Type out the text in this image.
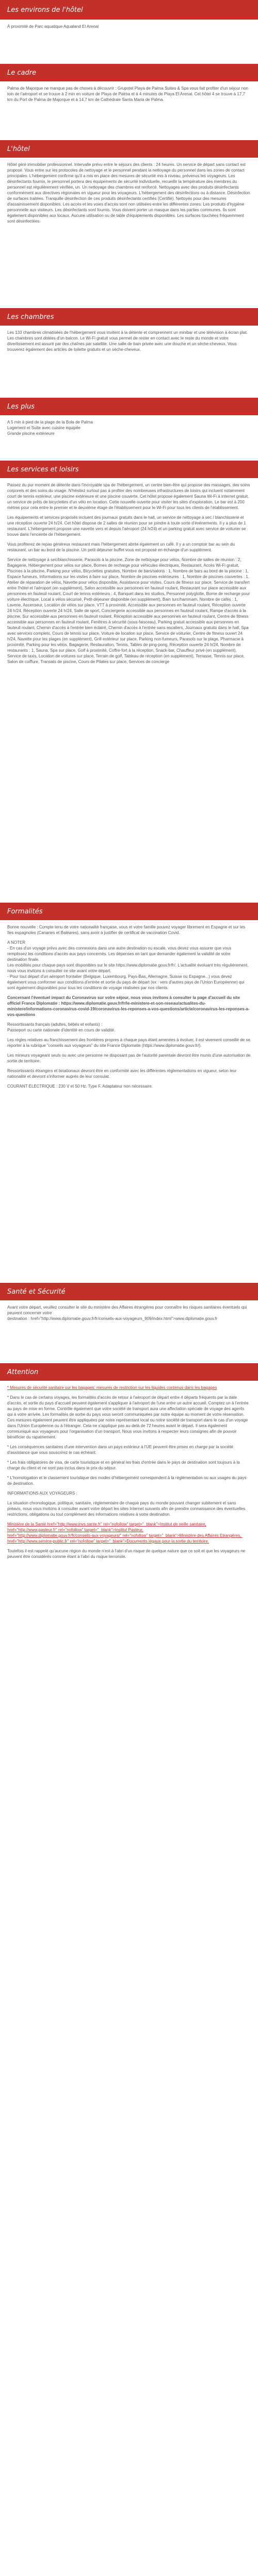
Les environs de l'hôtel

À proximité de Parc aquatique Aqualand El Arenal

Le cadre

Palma de Majorque ne manque pas de choses à découvrir : Grupotel Playa de Palma Suites & Spa vous fait profiter d'un séjour non loin de l'aéroport et se trouve à 2 min en voiture de Playa de Palma et à 4 minutes de Playa El Arenal. Cet hôtel 4 se trouve à 17,7 km du Port de Palma de Majorque et à 14,7 km de Cathédrale Santa Maria de Palma.

L'hôtel

Hôtel géré immobilier professionnel. Intervalle prévu entre le séjours des clients : 24 heures. Un service de départ sans contact est proposé. Vous entre sur les protocoles de nettoyage et le personnel pendant la nettoyage du personnel dans les zones de contact principales. L'hébergement confirme qu'il a mis en place des mesures de sécurité mis à niveau, prévenus les voyageurs. Les désinfectants fournis, le personnel portera des équipements de sécurité individuelle, recueillir la température des membres du personnel est régulièrement vérifiée, un. Un nettoyage des chambres est renforcé. Nettoyages avec des produits désinfectants conformément aux directives régionales en vigueur pour les voyageurs. L'hébergement des désinfections ou à distance. Désinfection de surfaces traitées. Tranquille désinfection de ces produits désinfectants certifiés (Certifié). Nettoyés pour des mesures d'assainissement disponibles. Les accès et les voies d'accès sont non utilisées entre les différentes zones. Les produits d'hygiène personnelle aux visiteurs. Les désinfectants sont fournis. Vous doivent porter un masque dans les parties communes. Ils sont également disponibles aux locaux. Aucune utilisation ou de table d'équipements disponibles. Les surfaces touchées fréquemment sont désinfectées.

Les chambres

Les 133 chambres climatisées de l'hébergement vous invitent à la détente et comprennent un minibar et une télévision à écran plat. Les chambres sont dotées d'un balcon. Le Wi-Fi gratuit vous permet de rester en contact avec le reste du monde et votre divertissement est assuré par des chaînes par satellite. Une salle de bain privée avec une douche et un sèche-cheveux. Vous trouverez également des articles de toilette gratuits et un sèche-cheveux.

Les plus
A 5 min à pied de la plage de la Bola de Palma
Logement et Suite avec cuisine équipée
Grande piscine extérieure
Les services et loisirs

Passez du pur moment de détente dans l'incroyable spa de l'hébergement, un centre bien-être qui propose des massages, des soins corporels et des soins du visage. N'hésitez surtout pas à profiter des nombreuses infrastructures de loisirs qui incluent notamment court de tennis extérieur, une piscine extérieure et une piscine couverte. Cet hôtel propose également Sauna Wi-Fi à internet gratuit, un service de prêts de bicyclettes d'un vélo en location. Cette nouvelle ouverte pour visiter les sites d'exploration. Le bar est à 200 mètres pour cela entre le premier et le deuxième étage de l'établissement pour le Wi-Fi pour tous les clients de l'établissement.

Les équipements et services proposés incluent des journaux gratuits dans le hall, un service de nettoyage à sec / blanchisserie et une réception ouverte 24 h/24. Cet hôtel dispose de 2 salles de réunion pour se joindre à toute sorte d'événements. Il y a plus de 1 restaurant. L'hébergement propose une navette vers et depuis l'aéroport (24 h/24) et un parking gratuit avec service de voiturier se trouve dans l'enceinte de l'hébergement.

Vous profiterez de repas généreux restaurant mais l'hébergement abrite également un café. Il y a un comptoir bar au sein du restaurant, un bar au bord de la piscine. Un petit déjeuner buffet vous est proposé en échange d'un supplément.

Service de nettoyage à sec/blanchisserie, Parasols à la piscine, Zone de nettoyage pour vélos, Nombre de salles de réunion : 2, Bagagerie, Hébergement pour vélos sur place, Bornes de recharge pour véhicules électriques, Restaurant, Accès Wi-Fi gratuit, Piscines à la piscine, Parking pour vélos, Bicyclettes gratuites, Nombre de bars/salons : 1, Nombre de bars au bord de la piscine : 1, Espace fumeurs, Informations sur les visites à faire sur place, Nombre de piscines extérieures : 1, Nombre de piscines couvertes : 1, Atelier de réparation de vélos, Navette pour vélos disponible, Assistance pour visites, Cours de fitness sur place, Service de transfert entre l'hôtel et l'aéroport (en supplément), Salon accessible aux personnes en fauteuil roulant, Restaurant sur place accessible aux personnes en fauteuil roulant, Court de tennis extérieurs : 4, Banquet dans les studios, Personnel polyglotte, Borne de recharge pour voiture électrique, Local à vélos sécurisé, Petit-déjeuner disponible (en supplément), Bain turc/hammam, Nombre de cafés : 1, Laverie, Ascenseur, Location de vélos sur place, VTT à proximité, Accessible aux personnes en fauteuil roulant, Réception ouverte 24 h/24, Réception ouverte 24 h/24, Salle de sport, Conciergerie accessible aux personnes en fauteuil roulant, Rampe d'accès à la piscine, Sur accessible aux personnes en fauteuil roulant, Réception accessible aux personnes en fauteuil roulant, Centre de fitness accessible aux personnes en fauteuil roulant, Fenêtres à sécurité (sous-faisceau), Parking gratuit accessible aux personnes en fauteuil roulant, Chemin d'accès à l'entrée bien éclairé, Chemin d'accès à l'entrée sans escaliers, Journaux gratuits dans le hall, Spa avec services complets, Cours de tennis sur place, Voiture de location sur place, Service de voiturier, Centre de fitness ouvert 24 h/24, Navette pour les plages (en supplément), Grill extérieur sur place, Parking non-fumeurs, Parasols sur la plage, Pharmacie à proximité, Parking pour les vélos, Bagagerie, Restauration, Tennis, Tables de ping-pong, Réception ouverte 24 h/24, Nombre de restaurants : 1, Sauna, Spa sur place, Golf à proximité, Coffre-fort à la réception, Snack-bar, Chauffeur privé (en supplément), Service de taxis, Location de voitures sur place, Terrain de golf, Tableau de réception (en supplément), Terrasse, Tennis sur place, Salon de coiffure, Transats de piscine, Cours de Pilates sur place, Services de concierge

Formalités

Bonne nouvelle : Compte tenu de votre nationalité française, vous et votre famille pouvez voyager librement en Espagne et sur les îles espagnoles (Canaries et Baléares), sans avoir à justifier de certificat de vaccination Covid.

A NOTER
- En cas d'un voyage prévu avec des connexions dans une autre destination ou escale, vous devez vous assurer que vous remplissez les conditions d'accès aux pays concernés. Les dépenses en tant que demander également la validité de votre destination finale.
Les mobilités pour chaque pays sont disponibles sur le site https://www.diplomatie.gouv.fr/fr/. L'actualité évoluant très régulièrement, nous vous invitons à consulter ce site avant votre départ.
- Pour tout départ d'un aéroport frontalier (Belgique, Luxembourg, Pays-Bas, Allemagne, Suisse ou Espagne...) vous devez également vous conformer aux conditions d'entrée et sortie du pays de départ (ex : vers d'autres pays de l'Union Européenne) qui sont également disponibles pour tous les conditions de voyage réalisées par nos clients.

Concernant l'éventuel impact du Coronavirus sur votre séjour, nous vous invitons à consulter la page d'accueil du site officiel France Diplomatie : https://www.diplomatie.gouv.fr/fr/le-ministere-et-son-reseau/actualites-du-ministere/informations-coronavirus-covid-19/coronavirus-les-reponses-a-vos-questions/article/coronavirus-les-reponses-a-vos-questions

Ressortissants français (adultes, bébés et enfants) :
Passeport ou carte nationale d'identité en cours de validité.

Les règles relatives au franchissement des frontières propres à chaque pays étant amenées à évoluer, il est vivement conseillé de se reporter à la rubrique "conseils aux voyageurs" du site France Diplomatie (https://www.diplomatie.gouv.fr/).

Les mineurs voyageant seuls ou avec une personne ne disposant pas de l'autorité parentale devront être munis d'une autorisation de sortie de territoire.

Ressortissants étrangers et binationaux devront être en conformité avec les différentes réglementations en vigueur, selon leur nationalité et devront s'informer auprès de leur consulat.

COURANT ÉLECTRIQUE : 230 V et 50 Hz. Type F. Adaptateur non nécessaire.

Santé et Sécurité

Avant votre départ, veuillez consulter le site du ministère des Affaires étrangères pour connaître les risques sanitaires éventuels qui peuvent concerner votre
destination : href="http://www.diplomatie.gouv.fr/fr/conseils-aux-voyageurs_909/index.html">www.diplomatie.gouv.fr

Attention

* Mesures de sécurité sanitaire sur les bagages: mesures de restriction sur les liquides contenus dans les bagages

* Dans le cas de certains voyages, les formalités d'accès de retour à l'aéroport de départ entre 4 départs fréquents par la date d'accès, et sortie du pays d'accueil peuvent également s'appliquer à l'aéroport de l'une entre un autre accueil. Comptez un à l'entrée au pays de mise en forme. Contrôle également que votre société de transport aura une affectation spéciale de voyage des agents qui à votre arrivée. Les formalités de sortie du pays vous seront communiquées par notre équipe au moment de votre réservation. Ces mesures également peuvent être appliquées par notre représentant local ou notre société de transport dans le cas d'un voyage dans l'Union Européenne ou à l'étranger. Cela ne s'applique pas au-delà de 72 heures avant le départ. Il sera également communiqué aux voyageurs pour l'organisation d'un transport. Nous vous invitons à respecter leurs consignes afin de pouvoir bénéficier du rapatriement.

* Les conséquences sanitaires d'une intervention dans un pays extérieur à l'UE peuvent être prises en charge par la société d'assistance que vous souscrirez le cas échéant.

* Les frais obligatoires de visa, de carte touristique et en général les frais d'entrée dans le pays de destination sont toujours à la charge du client et ne sont pas inclus dans le prix du séjour.

* L'homologation et le classement touristique des modes d'hébergement correspondent à la réglementation ou aux usages du pays de destination.

INFORMATIONS AUX VOYAGEURS :

La situation chronologique, politique, sanitaire, réglementaire de chaque pays du monde pouvant changer subitement et sans préavis, nous vous invitons à consulter avant votre départ les sites Internet suivants afin de prendre connaissance des éventuelles restrictions, obligations ou tout complément des informations relatives à votre destination.

Ministère de la Santé href="http://www.invs.sante.fr" rel="nofollow" target="_blank">Institut de veille sanitaire,
href="http://www.pasteur.fr" rel="nofollow" target="_blank">Institut Pasteur,
href="http://www.diplomatie.gouv.fr/fr/conseils-aux-voyageurs/" rel="nofollow" target="_blank">Ministère des Affaires Etrangères, href="http://www.service-public.fr" rel="nofollow" target="_blank">Documents légaux pour la sortie du territoire.

Toutefois il est rappelé qu'aucune région du monde n'est à l'abri d'un risque de quelque nature que ce soit et que les voyageurs ne peuvent être considérés comme étant à l'abri du risque terroriste.
